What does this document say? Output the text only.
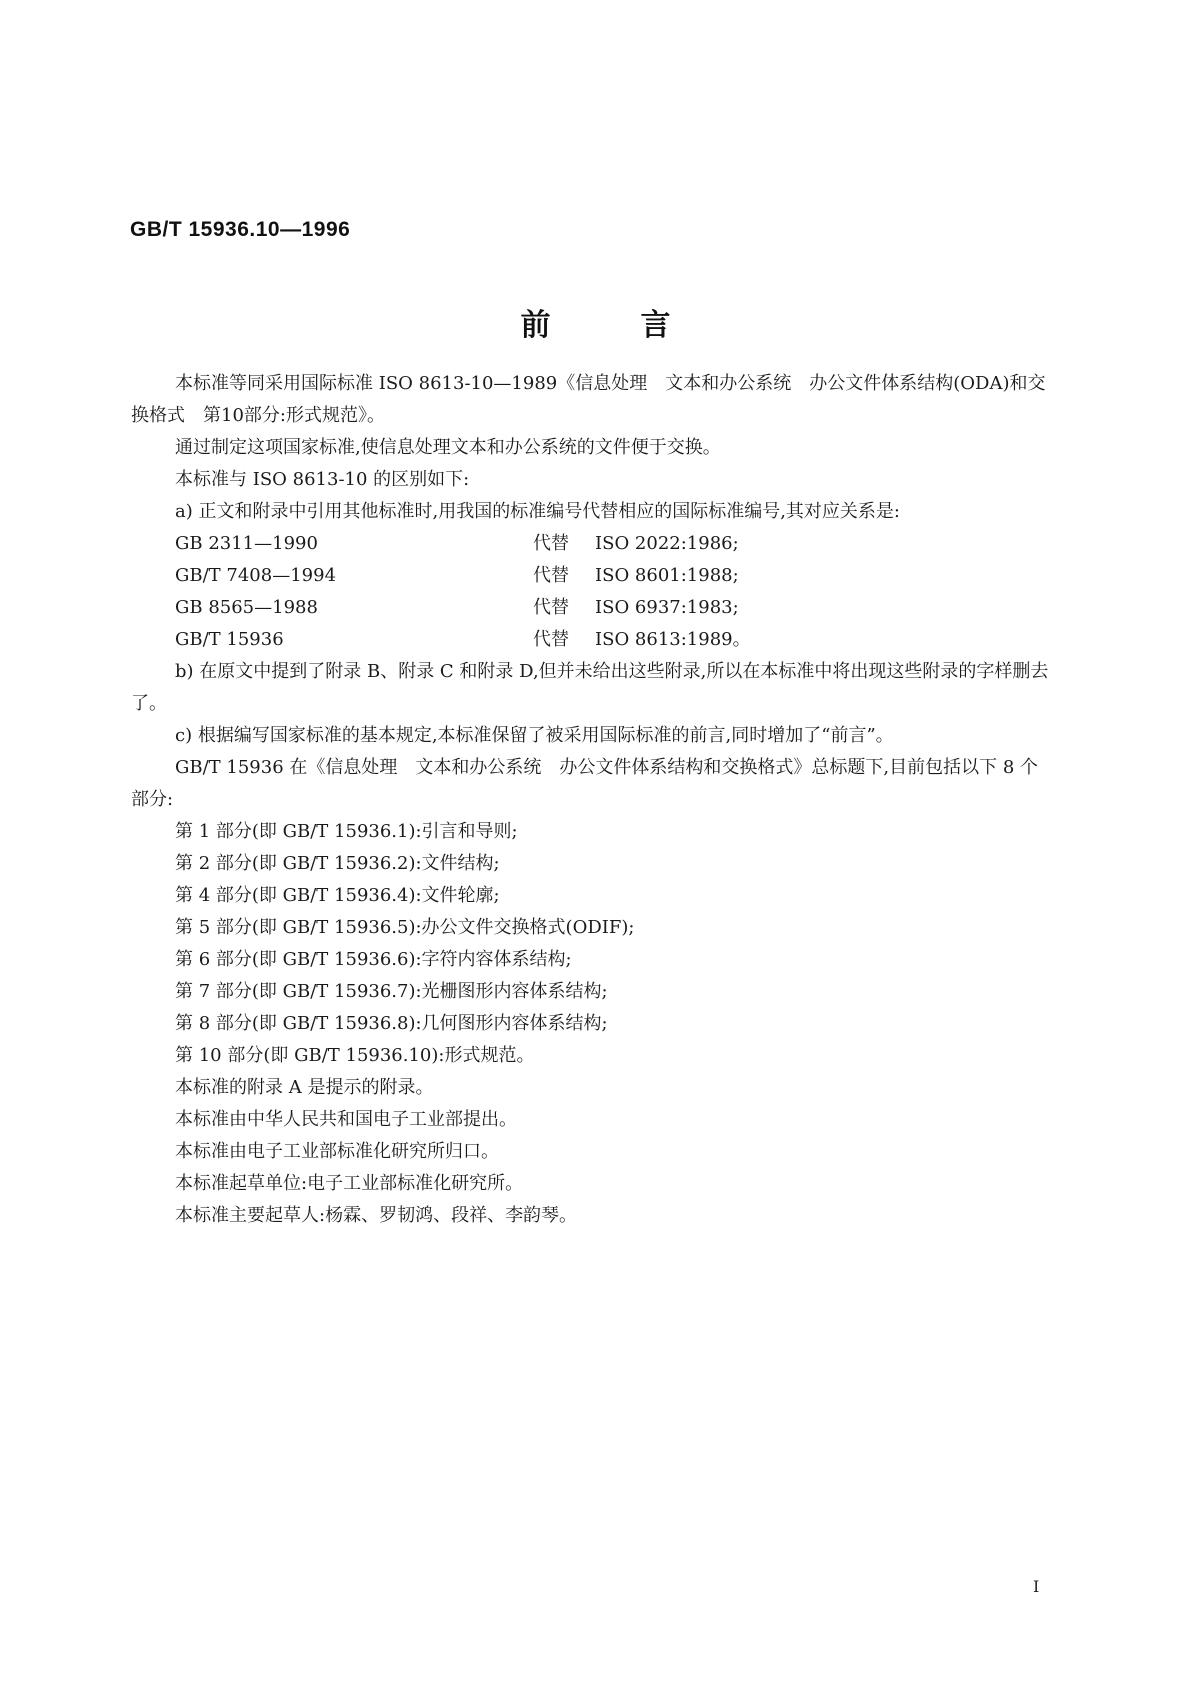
GB/T 15936.10—1996
前言

本标准等同采用国际标准 ISO 8613-10—1989《信息处理　文本和办公系统　办公文件体系结构(ODA)和交换格式　第10部分:形式规范》。

通过制定这项国家标准,使信息处理文本和办公系统的文件便于交换。

本标准与 ISO 8613-10 的区别如下:

a) 正文和附录中引用其他标准时,用我国的标准编号代替相应的国际标准编号,其对应关系是:

GB 2311—1990	代替	ISO 2022:1986;
GB/T 7408—1994	代替	ISO 8601:1988;
GB 8565—1988	代替	ISO 6937:1983;
GB/T 15936	代替	ISO 8613:1989。

b) 在原文中提到了附录 B、附录 C 和附录 D,但并未给出这些附录,所以在本标准中将出现这些附录的字样删去了。

c) 根据编写国家标准的基本规定,本标准保留了被采用国际标准的前言,同时增加了“前言”。

GB/T 15936 在《信息处理　文本和办公系统　办公文件体系结构和交换格式》总标题下,目前包括以下 8 个部分:

第 1 部分(即 GB/T 15936.1):引言和导则;

第 2 部分(即 GB/T 15936.2):文件结构;

第 4 部分(即 GB/T 15936.4):文件轮廓;

第 5 部分(即 GB/T 15936.5):办公文件交换格式(ODIF);

第 6 部分(即 GB/T 15936.6):字符内容体系结构;

第 7 部分(即 GB/T 15936.7):光栅图形内容体系结构;

第 8 部分(即 GB/T 15936.8):几何图形内容体系结构;

第 10 部分(即 GB/T 15936.10):形式规范。

本标准的附录 A 是提示的附录。

本标准由中华人民共和国电子工业部提出。

本标准由电子工业部标准化研究所归口。

本标准起草单位:电子工业部标准化研究所。

本标准主要起草人:杨霖、罗韧鸿、段祥、李韵琴。

I
